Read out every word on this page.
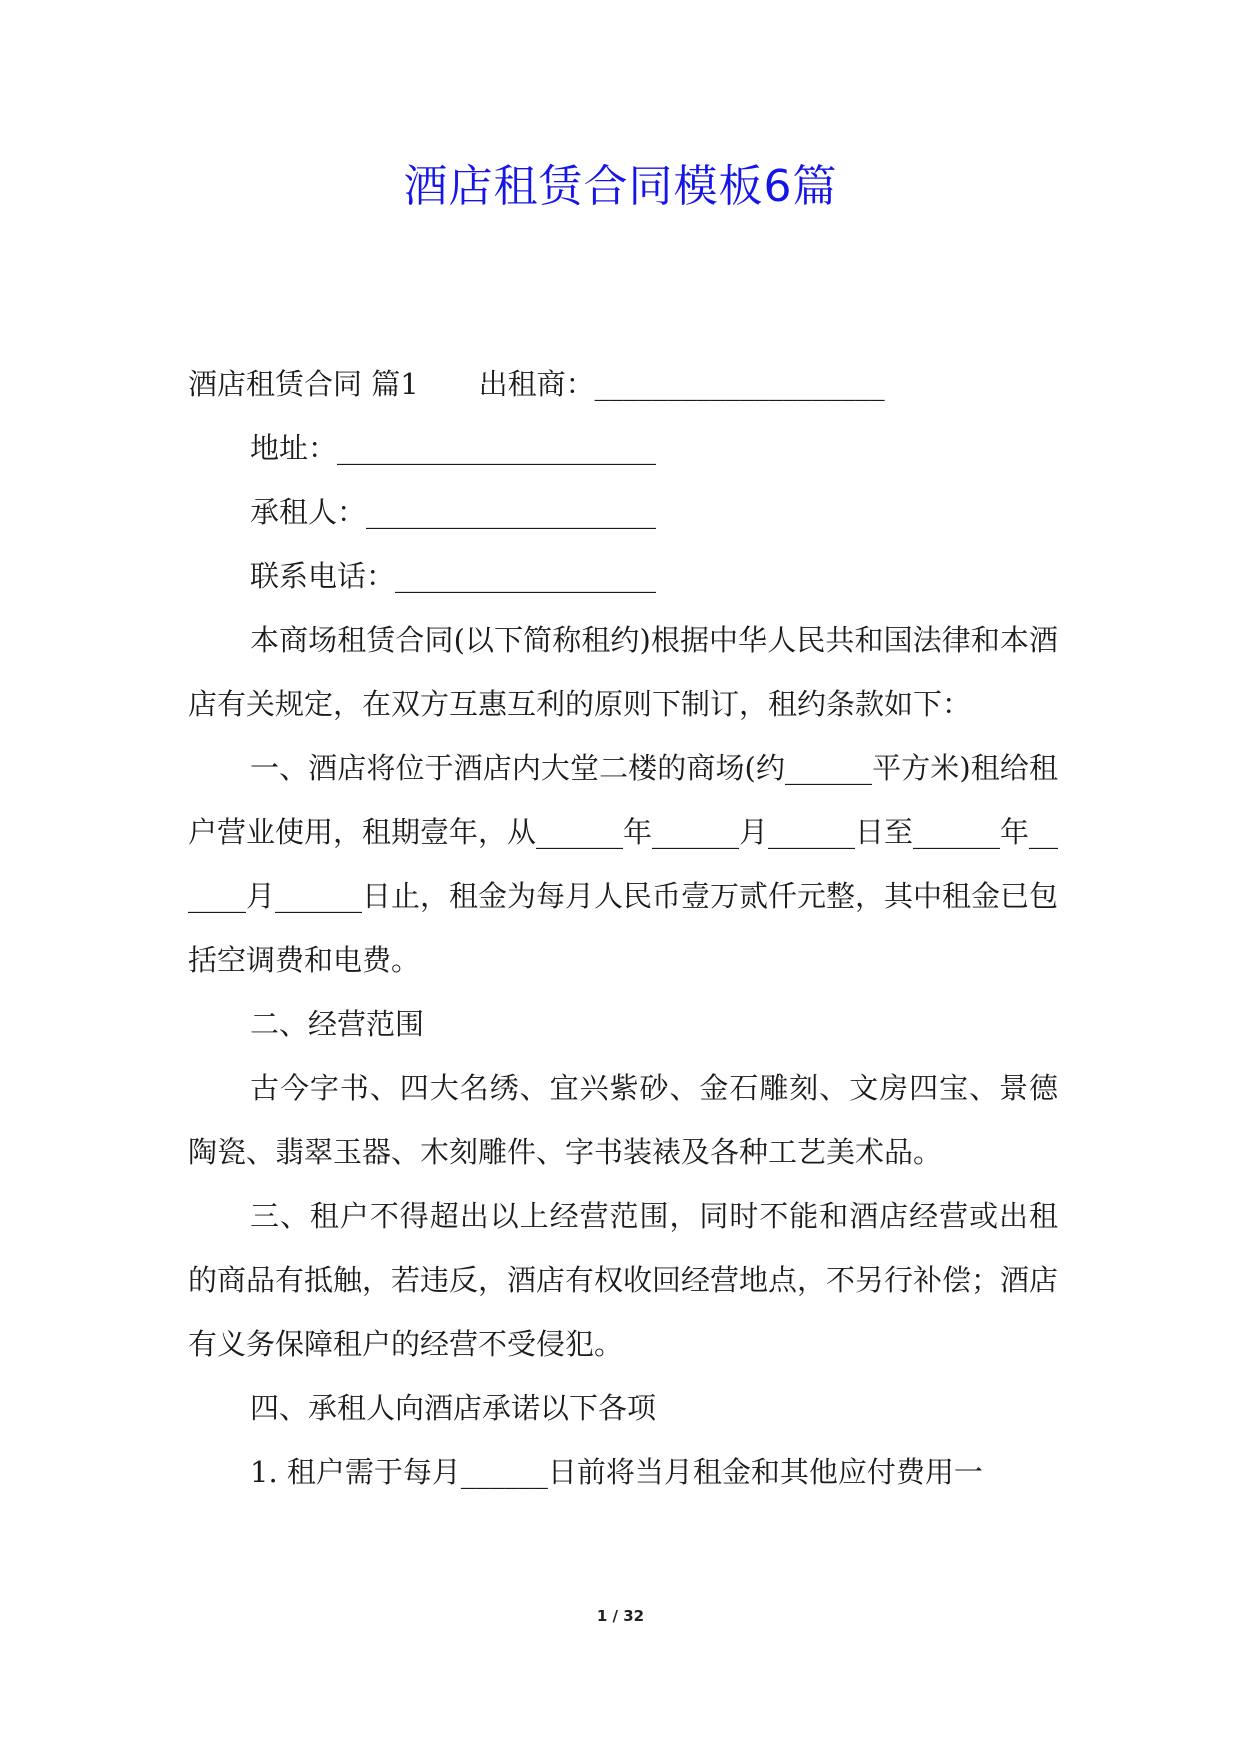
酒店租赁合同模板6篇
酒店租赁合同 篇1 出租商：____________________
地址：______________________
承租人：____________________
联系电话：__________________

本商场租赁合同(以下简称租约)根据中华人民共和国法律和本酒店有关规定，在双方互惠互利的原则下制订，租约条款如下：

一、酒店将位于酒店内大堂二楼的商场(约______平方米)租给租户营业使用，租期壹年，从______年______月______日至______年______月______日止，租金为每月人民币壹万贰仟元整，其中租金已包括空调费和电费。

二、经营范围

古今字书、四大名绣、宜兴紫砂、金石雕刻、文房四宝、景德陶瓷、翡翠玉器、木刻雕件、字书装裱及各种工艺美术品。

三、租户不得超出以上经营范围，同时不能和酒店经营或出租的商品有抵触，若违反，酒店有权收回经营地点，不另行补偿；酒店有义务保障租户的经营不受侵犯。

四、承租人向酒店承诺以下各项

1. 租户需于每月______日前将当月租金和其他应付费用一

1 / 32
